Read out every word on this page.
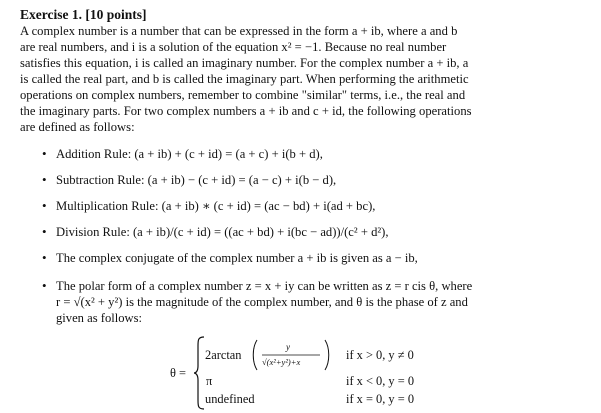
Exercise 1. [10 points]
A complex number is a number that can be expressed in the form a + ib, where a and b
are real numbers, and i is a solution of the equation x² = −1. Because no real number
satisfies this equation, i is called an imaginary number. For the complex number a + ib, a
is called the real part, and b is called the imaginary part. When performing the arithmetic
operations on complex numbers, remember to combine "similar" terms, i.e., the real and
the imaginary parts. For two complex numbers a + ib and c + id, the following operations
are defined as follows:
• Addition Rule: (a + ib) + (c + id) = (a + c) + i(b + d),
• Subtraction Rule: (a + ib) − (c + id) = (a − c) + i(b − d),
• Multiplication Rule: (a + ib) ∗ (c + id) = (ac − bd) + i(ad + bc),
• Division Rule: (a + ib)/(c + id) = ((ac + bd) + i(bc − ad))/(c² + d²),
• The complex conjugate of the complex number a + ib is given as a − ib,
• The polar form of a complex number z = x + iy can be written as z = r cis θ, where
r = √(x² + y²) is the magnitude of the complex number, and θ is the phase of z and
given as follows:
θ =
2arctan
y
√(x²+y²)+x	if x > 0, y ≠ 0
π	if x < 0, y = 0
undefined	if x = 0, y = 0
